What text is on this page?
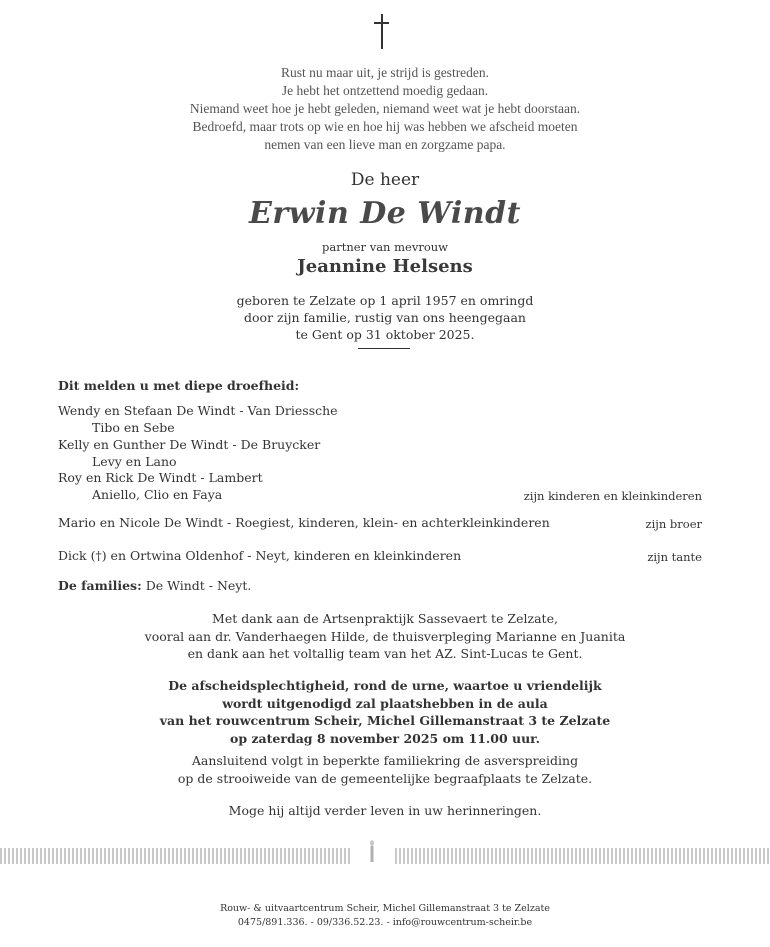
Rust nu maar uit, je strijd is gestreden.
Je hebt het ontzettend moedig gedaan.
Niemand weet hoe je hebt geleden, niemand weet wat je hebt doorstaan.
Bedroefd, maar trots op wie en hoe hij was hebben we afscheid moeten
nemen van een lieve man en zorgzame papa.
De heer
Erwin De Windt
partner van mevrouw
Jeannine Helsens
geboren te Zelzate op 1 april 1957 en omringd
door zijn familie, rustig van ons heengegaan
te Gent op 31 oktober 2025.
Dit melden u met diepe droefheid:
Wendy en Stefaan De Windt - Van Driessche
Tibo en Sebe
Kelly en Gunther De Windt - De Bruycker
Levy en Lano
Roy en Rick De Windt - Lambert
Aniello, Clio en Faya	zijn kinderen en kleinkinderen
Mario en Nicole De Windt - Roegiest, kinderen, klein- en achterkleinkinderen	zijn broer
Dick (†) en Ortwina Oldenhof - Neyt, kinderen en kleinkinderen	zijn tante
De families: De Windt - Neyt.
Met dank aan de Artsenpraktijk Sassevaert te Zelzate,
vooral aan dr. Vanderhaegen Hilde, de thuisverpleging Marianne en Juanita
en dank aan het voltallig team van het AZ. Sint-Lucas te Gent.
De afscheidsplechtigheid, rond de urne, waartoe u vriendelijk
wordt uitgenodigd zal plaatshebben in de aula
van het rouwcentrum Scheir, Michel Gillemanstraat 3 te Zelzate
op zaterdag 8 november 2025 om 11.00 uur.
Aansluitend volgt in beperkte familiekring de asverspreiding
op de strooiweide van de gemeentelijke begraafplaats te Zelzate.
Moge hij altijd verder leven in uw herinneringen.
Rouw- & uitvaartcentrum Scheir, Michel Gillemanstraat 3 te Zelzate
0475/891.336. - 09/336.52.23. - info@rouwcentrum-scheir.be
